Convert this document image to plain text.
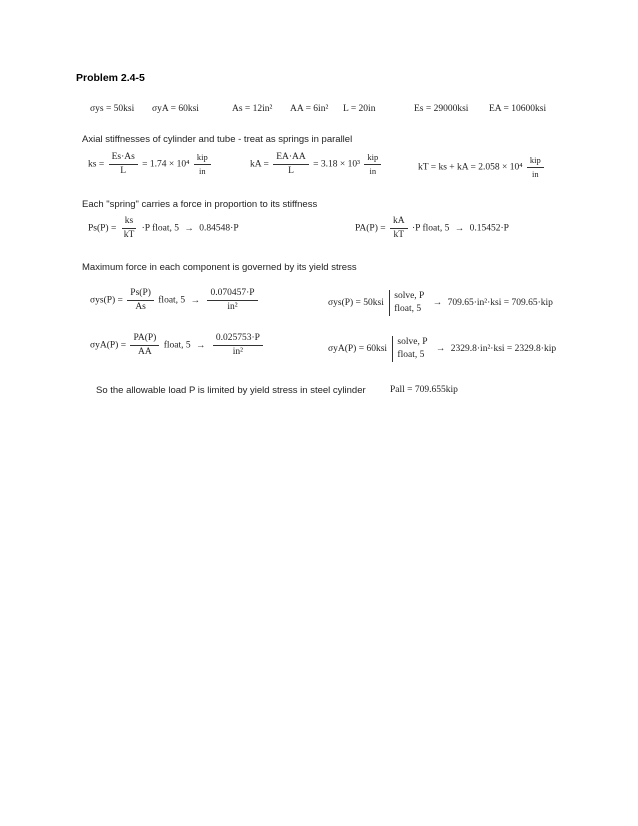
Problem 2.4-5
σys = 50ksi σyA = 60ksi	As = 12in² AA = 6in² L = 20in	Es = 29000ksi EA = 10600ksi
Axial stiffnesses of cylinder and tube - treat as springs in parallel
ks = $\frac{Es\cdot As}{L} = 1.74 \times 10^4 \frac{\text{kip}}{in}$	kA = $\frac{EA\cdot AA}{L} = 3.18 \times 10^3 \frac{\text{kip}}{in}$	kT = ks + kA = $2.058 \times 10^4 \frac{\text{kip}}{in}$
Each "spring" carries a force in proportion to its stiffness
$Ps(P) = \frac{ks}{kT} \cdot P$ float, 5 → 0.84548·P	$PA(P) = \frac{kA}{kT} \cdot P$ float, 5 → 0.15452·P
Maximum force in each component is governed by its yield stress
$\sigma ys(P) = \frac{Ps(P)}{As}$ float, $5 \to \frac{0.070457\cdot P}{\text{in²}}$	σys(P) = 50ksi
solve, P
float, 5
→ 709.65·in²·ksi = 709.65·kip
$\sigma yA(P) = \frac{PA(P)}{AA}$ float, $5 \to \frac{0.025753\cdot P}{\text{in²}}$	σyA(P) = 60ksi
solve, P
float, 5
→ 2329.8·in²·ksi = 2329.8·kip
So the allowable load P is limited by yield stress in steel cylinder	Pall = 709.655kip
